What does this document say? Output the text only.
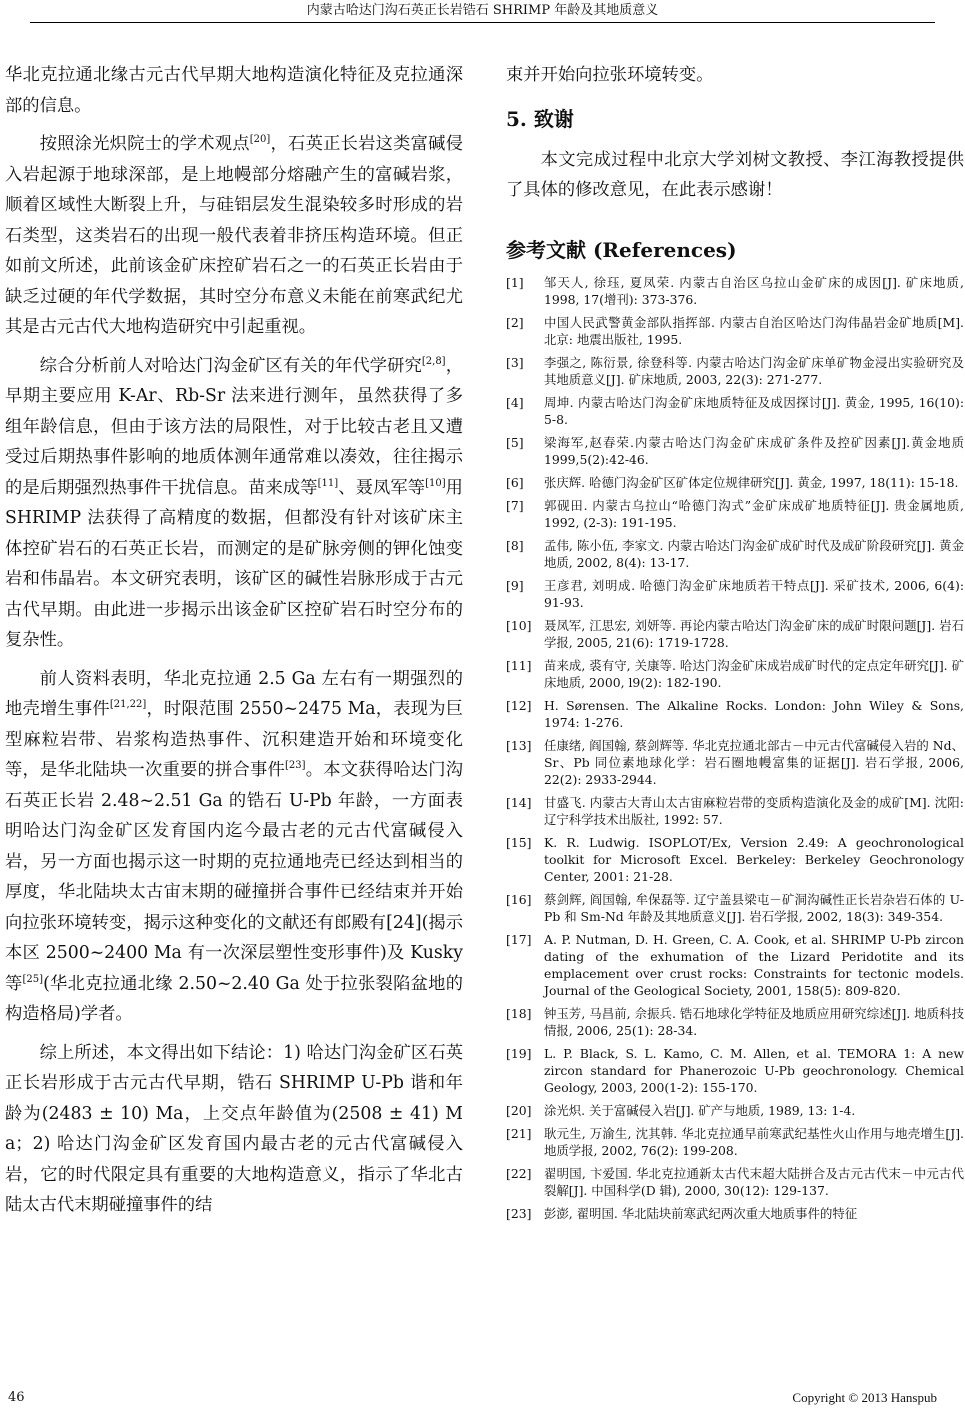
内蒙古哈达门沟石英正长岩锆石 SHRIMP 年龄及其地质意义

华北克拉通北缘古元古代早期大地构造演化特征及克拉通深部的信息。

按照涂光炽院士的学术观点[20]，石英正长岩这类富碱侵入岩起源于地球深部，是上地幔部分熔融产生的富碱岩浆，顺着区域性大断裂上升，与硅铝层发生混染较多时形成的岩石类型，这类岩石的出现一般代表着非挤压构造环境。但正如前文所述，此前该金矿床控矿岩石之一的石英正长岩由于缺乏过硬的年代学数据，其时空分布意义未能在前寒武纪尤其是古元古代大地构造研究中引起重视。

综合分析前人对哈达门沟金矿区有关的年代学研究[2,8]，早期主要应用 K-Ar、Rb-Sr 法来进行测年，虽然获得了多组年龄信息，但由于该方法的局限性，对于比较古老且又遭受过后期热事件影响的地质体测年通常难以凑效，往往揭示的是后期强烈热事件干扰信息。苗来成等[11]、聂凤军等[10]用 SHRIMP 法获得了高精度的数据，但都没有针对该矿床主体控矿岩石的石英正长岩，而测定的是矿脉旁侧的钾化蚀变岩和伟晶岩。本文研究表明，该矿区的碱性岩脉形成于古元古代早期。由此进一步揭示出该金矿区控矿岩石时空分布的复杂性。

前人资料表明，华北克拉通 2.5 Ga 左右有一期强烈的地壳增生事件[21,22]，时限范围 2550~2475 Ma，表现为巨型麻粒岩带、岩浆构造热事件、沉积建造开始和环境变化等，是华北陆块一次重要的拼合事件[23]。本文获得哈达门沟石英正长岩 2.48~2.51 Ga 的锆石 U-Pb 年龄，一方面表明哈达门沟金矿区发育国内迄今最古老的元古代富碱侵入岩，另一方面也揭示这一时期的克拉通地壳已经达到相当的厚度，华北陆块太古宙末期的碰撞拼合事件已经结束并开始向拉张环境转变，揭示这种变化的文献还有郎殿有[24](揭示本区 2500~2400 Ma 有一次深层塑性变形事件)及 Kusky 等[25](华北克拉通北缘 2.50~2.40 Ga 处于拉张裂陷盆地的构造格局)学者。

综上所述，本文得出如下结论：1) 哈达门沟金矿区石英正长岩形成于古元古代早期，锆石 SHRIMP U-Pb 谐和年龄为(2483 ± 10) Ma，上交点年龄值为(2508 ± 41) Ma；2) 哈达门沟金矿区发育国内最古老的元古代富碱侵入岩，它的时代限定具有重要的大地构造意义，指示了华北古陆太古代末期碰撞事件的结

束并开始向拉张环境转变。

5. 致谢

本文完成过程中北京大学刘树文教授、李江海教授提供了具体的修改意见，在此表示感谢！

参考文献 (References)
[1] 邹天人, 徐珏, 夏凤荣. 内蒙古自治区乌拉山金矿床的成因[J]. 矿床地质, 1998, 17(增刊): 373-376.
[2] 中国人民武警黄金部队指挥部. 内蒙古自治区哈达门沟伟晶岩金矿地质[M]. 北京: 地震出版社, 1995.
[3] 李强之, 陈衍景, 徐登科等. 内蒙古哈达门沟金矿床单矿物金浸出实验研究及其地质意义[J]. 矿床地质, 2003, 22(3): 271-277.
[4] 周坤. 内蒙古哈达门沟金矿床地质特征及成因探讨[J]. 黄金, 1995, 16(10): 5-8.
[5] 梁海军,赵春荣.内蒙古哈达门沟金矿床成矿条件及控矿因素[J].黄金地质 1999,5(2):42-46.
[6] 张庆辉. 哈德门沟金矿区矿体定位规律研究[J]. 黄金, 1997, 18(11): 15-18.
[7] 郭砚田. 内蒙古乌拉山“哈德门沟式”金矿床成矿地质特征[J]. 贵金属地质, 1992, (2-3): 191-195.
[8] 孟伟, 陈小伍, 李家文. 内蒙古哈达门沟金矿成矿时代及成矿阶段研究[J]. 黄金地质, 2002, 8(4): 13-17.
[9] 王彦君, 刘明成. 哈德门沟金矿床地质若干特点[J]. 采矿技术, 2006, 6(4): 91-93.
[10] 聂凤军, 江思宏, 刘妍等. 再论内蒙古哈达门沟金矿床的成矿时限问题[J]. 岩石学报, 2005, 21(6): 1719-1728.
[11] 苗来成, 裘有守, 关康等. 哈达门沟金矿床成岩成矿时代的定点定年研究[J]. 矿床地质, 2000, l9(2): 182-190.
[12] H. Sørensen. The Alkaline Rocks. London: John Wiley & Sons, 1974: 1-276.
[13] 任康绪, 阎国翰, 蔡剑辉等. 华北克拉通北部古－中元古代富碱侵入岩的 Nd、Sr、Pb 同位素地球化学：岩石圈地幔富集的证据[J]. 岩石学报, 2006, 22(2): 2933-2944.
[14] 甘盛飞. 内蒙古大青山太古宙麻粒岩带的变质构造演化及金的成矿[M]. 沈阳: 辽宁科学技术出版社, 1992: 57.
[15] K. R. Ludwig. ISOPLOT/Ex, Version 2.49: A geochronological toolkit for Microsoft Excel. Berkeley: Berkeley Geochronology Center, 2001: 21-28.
[16] 蔡剑辉, 阎国翰, 牟保磊等. 辽宁盖县梁屯－矿洞沟碱性正长岩杂岩石体的 U-Pb 和 Sm-Nd 年龄及其地质意义[J]. 岩石学报, 2002, 18(3): 349-354.
[17] A. P. Nutman, D. H. Green, C. A. Cook, et al. SHRIMP U-Pb zircon dating of the exhumation of the Lizard Peridotite and its emplacement over crust rocks: Constraints for tectonic models. Journal of the Geological Society, 2001, 158(5): 809-820.
[18] 钟玉芳, 马昌前, 佘振兵. 锆石地球化学特征及地质应用研究综述[J]. 地质科技情报, 2006, 25(1): 28-34.
[19] L. P. Black, S. L. Kamo, C. M. Allen, et al. TEMORA 1: A new zircon standard for Phanerozoic U-Pb geochronology. Chemical Geology, 2003, 200(1-2): 155-170.
[20] 涂光炽. 关于富碱侵入岩[J]. 矿产与地质, 1989, 13: 1-4.
[21] 耿元生, 万渝生, 沈其韩. 华北克拉通早前寒武纪基性火山作用与地壳增生[J]. 地质学报, 2002, 76(2): 199-208.
[22] 翟明国, 卞爱国. 华北克拉通新太古代末超大陆拼合及古元古代末－中元古代裂解[J]. 中国科学(D 辑), 2000, 30(12): 129-137.
[23] 彭澎, 翟明国. 华北陆块前寒武纪两次重大地质事件的特征
46	Copyright © 2013 Hanspub
